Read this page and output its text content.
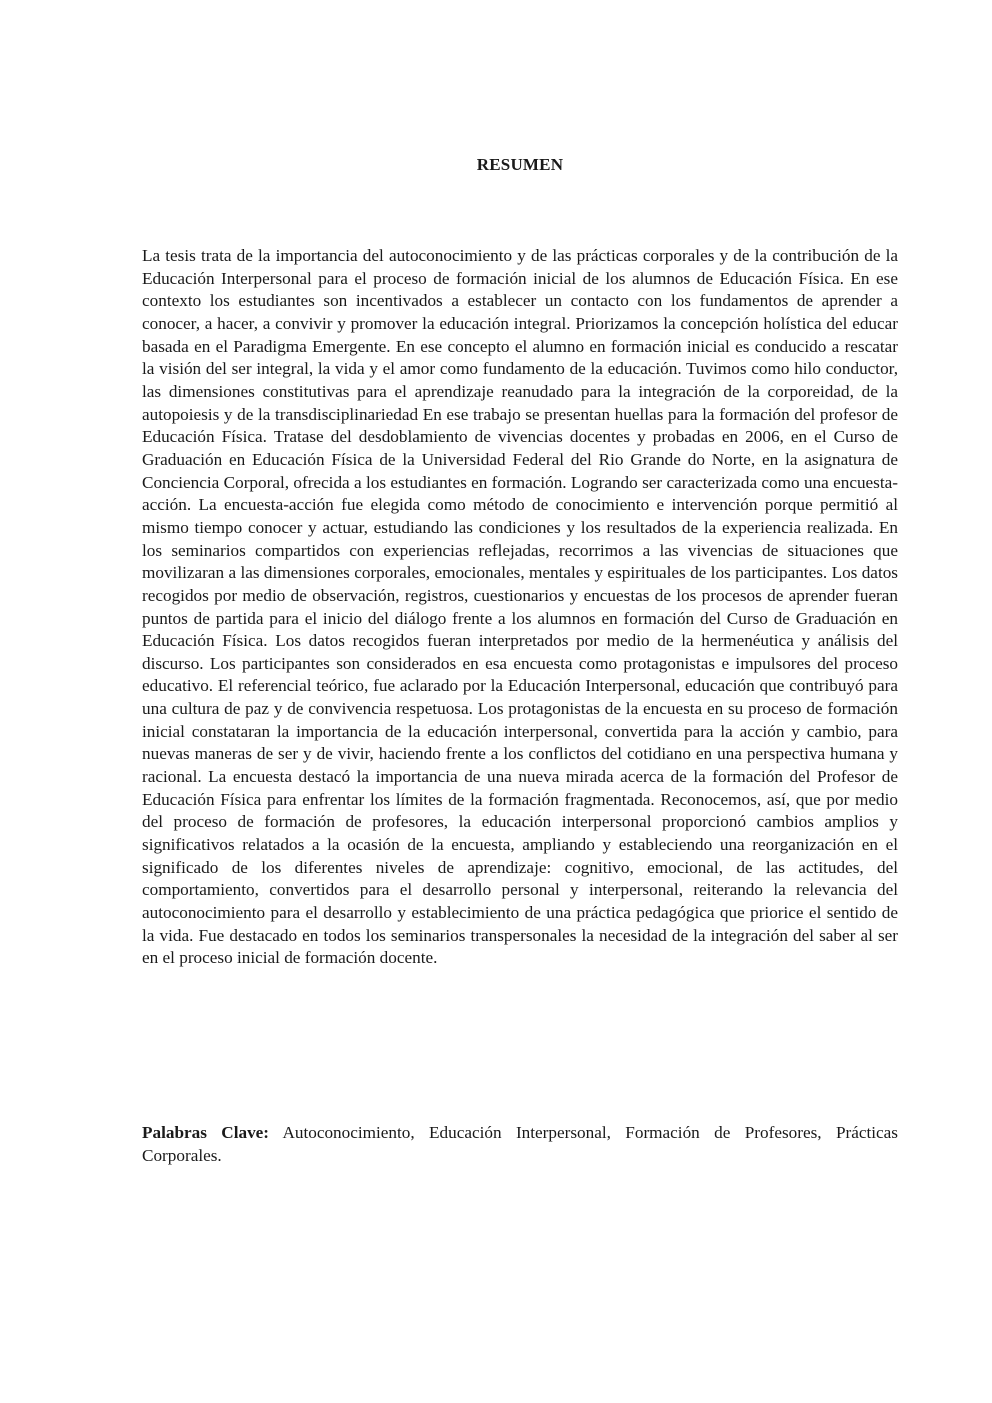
RESUMEN

La tesis trata de la importancia del autoconocimiento y de las prácticas corporales y de la contribución de la Educación Interpersonal para el proceso de formación inicial de los alumnos de Educación Física. En ese contexto los estudiantes son incentivados a establecer un contacto con los fundamentos de aprender a conocer, a hacer, a convivir y promover la educación integral. Priorizamos la concepción holística del educar basada en el Paradigma Emergente. En ese concepto el alumno en formación inicial es conducido a rescatar la visión del ser integral, la vida y el amor como fundamento de la educación. Tuvimos como hilo conductor, las dimensiones constitutivas para el aprendizaje reanudado para la integración de la corporeidad, de la autopoiesis y de la transdisciplinariedad En ese trabajo se presentan huellas para la formación del profesor de Educación Física. Tratase del desdoblamiento de vivencias docentes y probadas en 2006, en el Curso de Graduación en Educación Física de la Universidad Federal del Rio Grande do Norte, en la asignatura de Conciencia Corporal, ofrecida a los estudiantes en formación. Logrando ser caracterizada como una encuesta-acción. La encuesta-acción fue elegida como método de conocimiento e intervención porque permitió al mismo tiempo conocer y actuar, estudiando las condiciones y los resultados de la experiencia realizada. En los seminarios compartidos con experiencias reflejadas, recorrimos a las vivencias de situaciones que movilizaran a las dimensiones corporales, emocionales, mentales y espirituales de los participantes. Los datos recogidos por medio de observación, registros, cuestionarios y encuestas de los procesos de aprender fueran puntos de partida para el inicio del diálogo frente a los alumnos en formación del Curso de Graduación en Educación Física. Los datos recogidos fueran interpretados por medio de la hermenéutica y análisis del discurso. Los participantes son considerados en esa encuesta como protagonistas e impulsores del proceso educativo. El referencial teórico, fue aclarado por la Educación Interpersonal, educación que contribuyó para una cultura de paz y de convivencia respetuosa. Los protagonistas de la encuesta en su proceso de formación inicial constataran la importancia de la educación interpersonal, convertida para la acción y cambio, para nuevas maneras de ser y de vivir, haciendo frente a los conflictos del cotidiano en una perspectiva humana y racional. La encuesta destacó la importancia de una nueva mirada acerca de la formación del Profesor de Educación Física para enfrentar los límites de la formación fragmentada. Reconocemos, así, que por medio del proceso de formación de profesores, la educación interpersonal proporcionó cambios amplios y significativos relatados a la ocasión de la encuesta, ampliando y estableciendo una reorganización en el significado de los diferentes niveles de aprendizaje: cognitivo, emocional, de las actitudes, del comportamiento, convertidos para el desarrollo personal y interpersonal, reiterando la relevancia del autoconocimiento para el desarrollo y establecimiento de una práctica pedagógica que priorice el sentido de la vida. Fue destacado en todos los seminarios transpersonales la necesidad de la integración del saber al ser en el proceso inicial de formación docente.

Palabras Clave: Autoconocimiento, Educación Interpersonal, Formación de Profesores, Prácticas Corporales.
